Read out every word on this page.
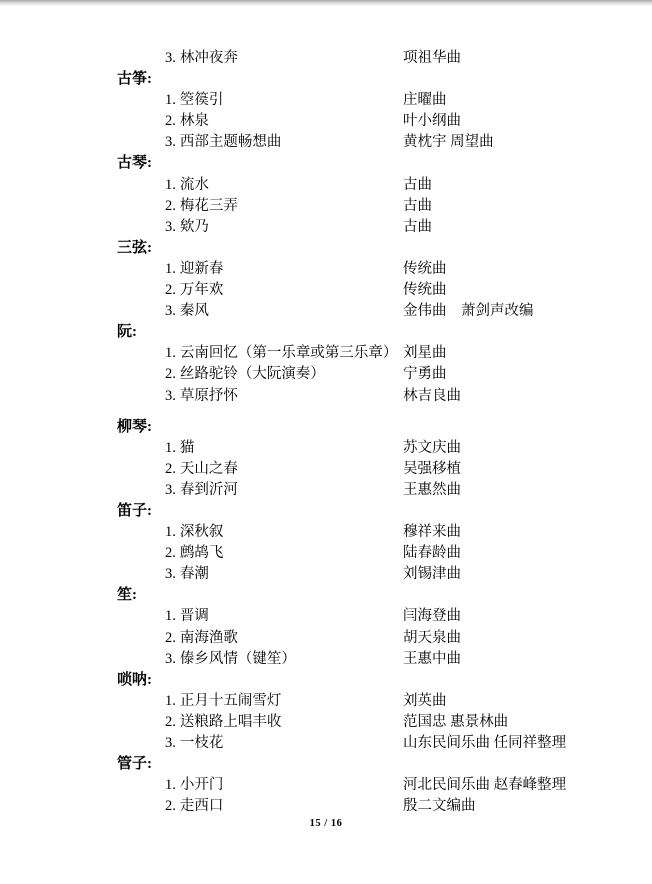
3. 林冲夜奔	项祖华曲
古筝:
1. 箜篌引	庄曜曲
2. 林泉	叶小纲曲
3. 西部主题畅想曲	黄枕宇 周望曲
古琴:
1. 流水	古曲
2. 梅花三弄	古曲
3. 欸乃	古曲
三弦:
1. 迎新春	传统曲
2. 万年欢	传统曲
3. 秦风	金伟曲　萧剑声改编
阮:
1. 云南回忆（第一乐章或第三乐章） 刘星曲
2. 丝路驼铃（大阮演奏）	宁勇曲
3. 草原抒怀	林吉良曲
柳琴:
1. 猫	苏文庆曲
2. 天山之春	吴强移植
3. 春到沂河	王惠然曲
笛子:
1. 深秋叙	穆祥来曲
2. 鹧鸪飞	陆春龄曲
3. 春潮	刘锡津曲
笙:
1. 晋调	闫海登曲
2. 南海渔歌	胡天泉曲
3. 傣乡风情（键笙）	王惠中曲
唢呐:
1. 正月十五闹雪灯	刘英曲
2. 送粮路上唱丰收	范国忠 惠景林曲
3. 一枝花	山东民间乐曲 任同祥整理
管子:
1. 小开门	河北民间乐曲 赵春峰整理
2. 走西口	殷二文编曲
15 / 16
